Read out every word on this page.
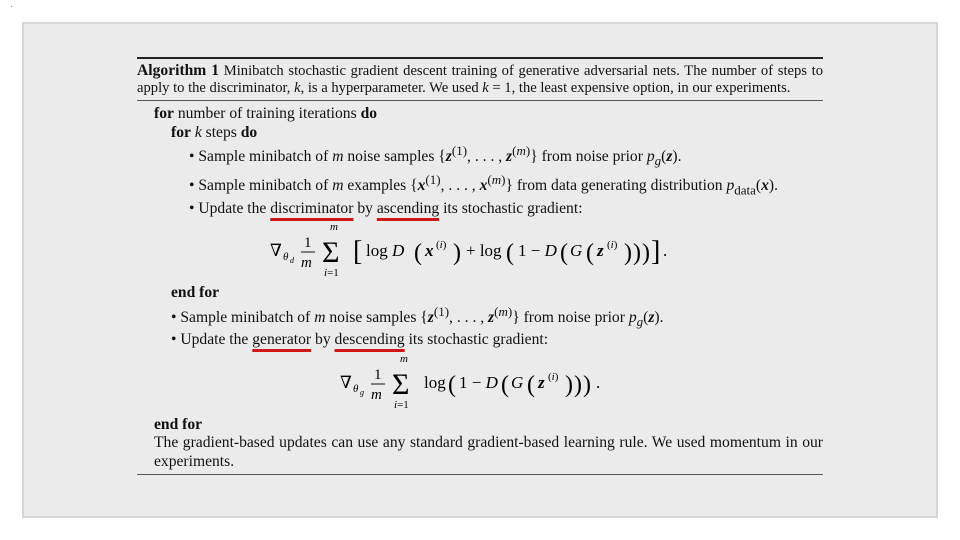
·
Algorithm 1 Minibatch stochastic gradient descent training of generative adversarial nets. The number of steps to apply to the discriminator, k, is a hyperparameter. We used k = 1, the least expensive option, in our experiments.
for number of training iterations do
for k steps do
• Sample minibatch of m noise samples {$z^{(1)}$, . . . , $z^{(m)}$} from noise prior $p_g(z)$.
• Sample minibatch of m examples {$x^{(1)}$, . . . , $x^{(m)}$} from data generating distribution $p_{data}(x)$.
• Update the discriminator by ascending its stochastic gradient:
∇ θ d
1
m
m
Σ
i=1
[ log D ( x (i) ) + log ( 1 − D ( G ( z (i) ) ) ) ] .
end for
• Sample minibatch of m noise samples {$z^{(1)}$, . . . , $z^{(m)}$} from noise prior $p_g(z)$.
• Update the generator by descending its stochastic gradient:
∇ θ g
1
m
m
Σ
i=1
log ( 1 − D ( G ( z (i) ) ) ) .
end for
The gradient-based updates can use any standard gradient-based learning rule. We used momentum in our experiments.
